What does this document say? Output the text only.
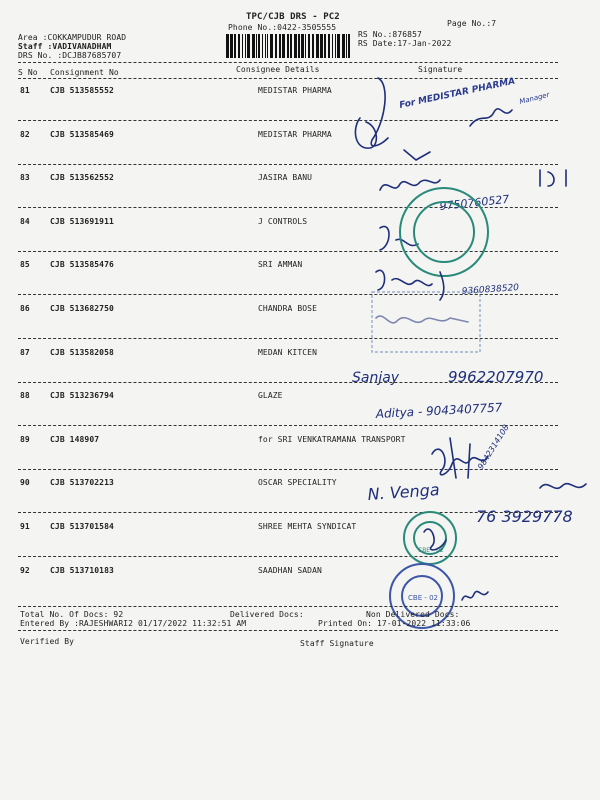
TPC/CJB DRS - PC2
Phone No.:0422-3505555	Page No.:7
Area :COKKAMPUDUR ROAD
Staff :VADIVANADHAM
DRS No. :DCJB87685707
RS No.:876857
RS Date:17-Jan-2022
S No Consignment No	Consignee Details	Signature
81	CJB 513585552	MEDISTAR PHARMA
82	CJB 513585469	MEDISTAR PHARMA
83	CJB 513562552	JASIRA BANU
84	CJB 513691911	J CONTROLS
85	CJB 513585476	SRI AMMAN
86	CJB 513682750	CHANDRA BOSE
87	CJB 513582058	MEDAN KITCEN
88	CJB 513236794	GLAZE
89	CJB 148907	for SRI VENKATRAMANA TRANSPORT
90	CJB 513702213	OSCAR SPECIALITY
91	CJB 513701584	SHREE MEHTA SYNDICAT
92	CJB 513710183	SAADHAN SADAN
For MEDISTAR PHARMA Manager
9750760527
9360838520
Sanjay	9962207970
Aditya - 9043407757
9842314108
N. Venga
76 3929778
CBE - 02
CBE - 02
Total No. Of Docs: 92	Delivered Docs:	Non Delivered Docs:
Entered By :RAJESHWARI2 01/17/2022 11:32:51 AM	Printed On: 17-01-2022 11:33:06
Verified By	Staff Signature
